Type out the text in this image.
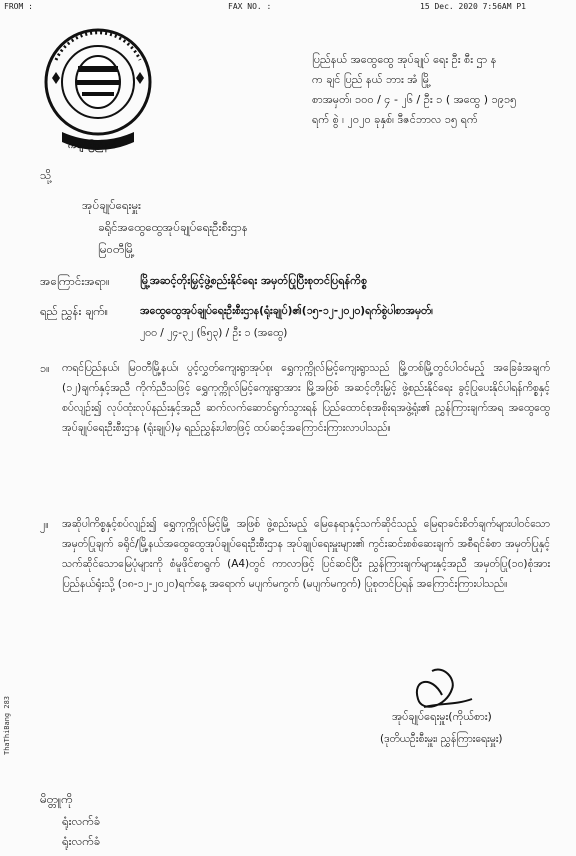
FROM :	FAX NO. :	15 Dec. 2020 7:56AM P1
ကချင်ပြည်နယ်
ပြည်နယ် အထွေထွေ အုပ်ချုပ် ရေး ဦး စီး ဌာ န
က ချင် ပြည် နယ် ဘား အံ မြို့
စာအမှတ်၊ ၁၀၀ / ၄ - ၂၆ / ဦး ၁ ( အထွေ ) ၁၉၁၅
ရက် စွဲ ၊ ၂၀၂၀ ခုနှစ်၊ ဒီဇင်ဘာလ ၁၅ ရက်
သို့
အုပ်ချုပ်ရေးမှူး
ခရိုင်အထွေထွေအုပ်ချုပ်ရေးဦးစီးဌာန
မြဝတီမြို့
အကြောင်းအရာ။	မြို့အဆင့်တိုးမြှင့်ဖွဲ့စည်းနိုင်ရေး အမှတ်ပြုပြီးစုတင်ပြရန်ကိစ္စ
ရည် ညွှန်း ချက်။	အထွေထွေအုပ်ချုပ်ရေးဦးစီးဌာန(ရုံးချုပ်)၏(၁၅-၁၂-၂၀၂၀)ရက်စွဲပါစာအမှတ်၊
၂၀၀ / ၂၄-၃၂ (၆၅၃) / ဦး ၁ (အထွေ)
၁။ ကရင်ပြည်နယ်၊ မြဝတီမြို့နယ်၊ ပွင့်လွှတ်ကျေးရွာအုပ်စု၊ ရွှေကုက္ကိုလ်မြင့်ကျေးရွာသည် မြို့တစ်မြို့တွင်ပါဝင်မည့် အခြေခံအချက် (၁၂)ချက်နှင့်အညီ ကိုက်ညီသဖြင့် ရွှေကုက္ကိုလ်မြင့်ကျေးရွာအား မြို့အဖြစ် အဆင့်တိုးမြှင့် ဖွဲ့စည်းနိုင်ရေး ခွင့်ပြုပေးနိုင်ပါရန်ကိစ္စနှင့်စပ်လျဉ်း၍ လုပ်ထုံးလုပ်နည်းနှင့်အညီ ဆက်လက်ဆောင်ရွက်သွားရန် ပြည်ထောင်စုအစိုးရအဖွဲ့ရုံး၏ ညွှန်ကြားချက်အရ အထွေထွေအုပ်ချုပ်ရေးဦးစီးဌာန (ရုံးချုပ်)မှ ရည်ညွှန်းပါစာဖြင့် ထပ်ဆင့်အကြောင်းကြားလာပါသည်။
၂။ အဆိုပါကိစ္စနှင့်စပ်လျဉ်း၍ ရွှေကုက္ကိုလ်မြင့်မြို့ အဖြစ် ဖွဲ့စည်းမည့် မြေနေရာနှင့်သက်ဆိုင်သည့် မြေရာခင်းစိတ်ချက်များပါဝင်သော အမှတ်ပြုချက် ခရိုင်/မြို့နယ်အထွေထွေအုပ်ချုပ်ရေးဦးစီးဌာန အုပ်ချုပ်ရေးမှူးများ၏ ကွင်းဆင်းစစ်ဆေးချက် အစီရင်ခံစာ အမှတ်ပြုနှင့်သက်ဆိုင်သောမြေပုံများကို စံမူဖိုင်စာရွက် (A4)တွင် ကာလာဖြင့် ပြင်ဆင်ပြီး ညွှန်ကြားချက်များနှင့်အညီ အမှတ်ပြု(၁၀)စုံအား ပြည်နယ်ရုံးသို့ (၁၈-၁၂-၂၀၂၀)ရက်နေ့ အရောက် မပျက်မကွက် (မပျက်မကွက်) ပြုစုတင်ပြရန် အကြောင်းကြားပါသည်။
အုပ်ချုပ်ရေးမှူး(ကိုယ်စား)
(ဒုတိယဦးစီးမှူး၊ ညွှန်ကြားရေးမှူး)
မိတ္တူကို
ရုံးလက်ခံ
ရုံးလက်ခံ
ThaThiBang 283
